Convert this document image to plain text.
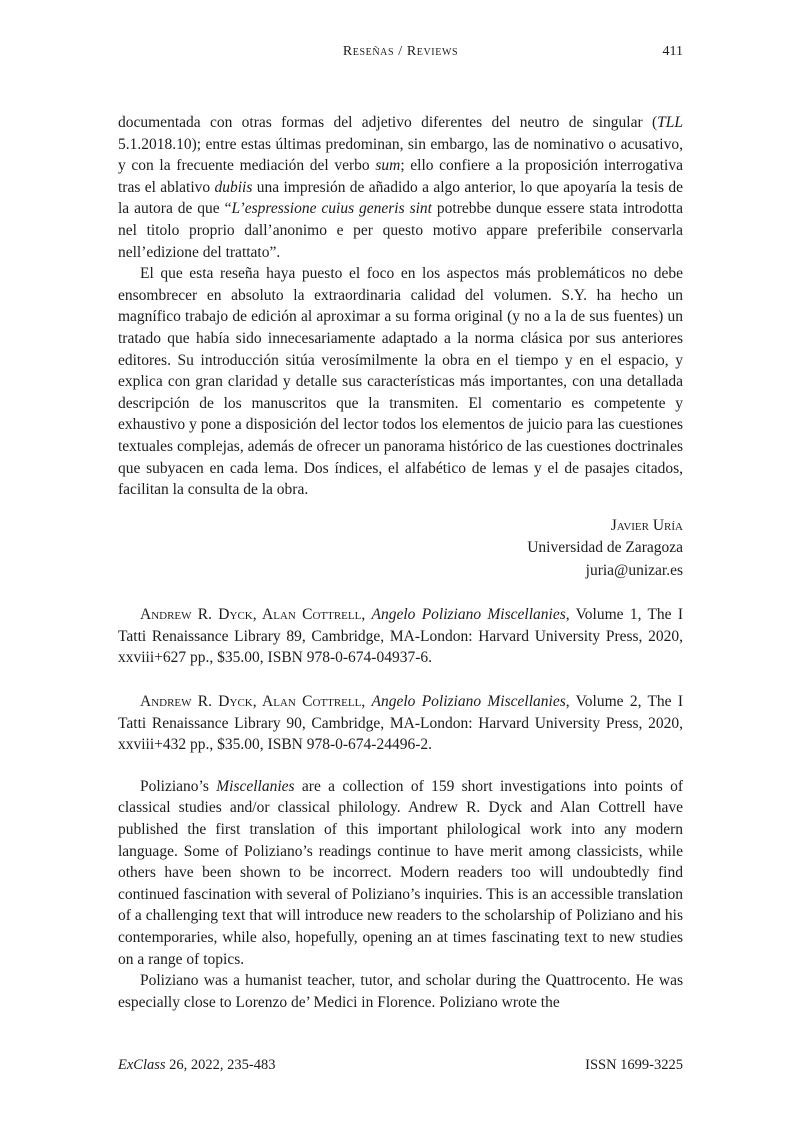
Reseñas / Reviews	411

documentada con otras formas del adjetivo diferentes del neutro de singular (TLL 5.1.2018.10); entre estas últimas predominan, sin embargo, las de nominativo o acusativo, y con la frecuente mediación del verbo sum; ello confiere a la proposición interrogativa tras el ablativo dubiis una impresión de añadido a algo anterior, lo que apoyaría la tesis de la autora de que “L’espressione cuius generis sint potrebbe dunque essere stata introdotta nel titolo proprio dall’anonimo e per questo motivo appare preferibile conservarla nell’edizione del trattato”.

El que esta reseña haya puesto el foco en los aspectos más problemáticos no debe ensombrecer en absoluto la extraordinaria calidad del volumen. S.Y. ha hecho un magnífico trabajo de edición al aproximar a su forma original (y no a la de sus fuentes) un tratado que había sido innecesariamente adaptado a la norma clásica por sus anteriores editores. Su introducción sitúa verosímilmente la obra en el tiempo y en el espacio, y explica con gran claridad y detalle sus características más importantes, con una detallada descripción de los manuscritos que la transmiten. El comentario es competente y exhaustivo y pone a disposición del lector todos los elementos de juicio para las cuestiones textuales complejas, además de ofrecer un panorama histórico de las cuestiones doctrinales que subyacen en cada lema. Dos índices, el alfabético de lemas y el de pasajes citados, facilitan la consulta de la obra.

Javier Uría
Universidad de Zaragoza
juria@unizar.es

Andrew R. Dyck, Alan Cottrell, Angelo Poliziano Miscellanies, Volume 1, The I Tatti Renaissance Library 89, Cambridge, MA-London: Harvard University Press, 2020, xxviii+627 pp., $35.00, ISBN 978-0-674-04937-6.

Andrew R. Dyck, Alan Cottrell, Angelo Poliziano Miscellanies, Volume 2, The I Tatti Renaissance Library 90, Cambridge, MA-London: Harvard University Press, 2020, xxviii+432 pp., $35.00, ISBN 978-0-674-24496-2.

Poliziano’s Miscellanies are a collection of 159 short investigations into points of classical studies and/or classical philology. Andrew R. Dyck and Alan Cottrell have published the first translation of this important philological work into any modern language. Some of Poliziano’s readings continue to have merit among classicists, while others have been shown to be incorrect. Modern readers too will undoubtedly find continued fascination with several of Poliziano’s inquiries. This is an accessible translation of a challenging text that will introduce new readers to the scholarship of Poliziano and his contemporaries, while also, hopefully, opening an at times fascinating text to new studies on a range of topics.

Poliziano was a humanist teacher, tutor, and scholar during the Quattrocento. He was especially close to Lorenzo de’ Medici in Florence. Poliziano wrote the

ExClass 26, 2022, 235-483	ISSN 1699-3225
